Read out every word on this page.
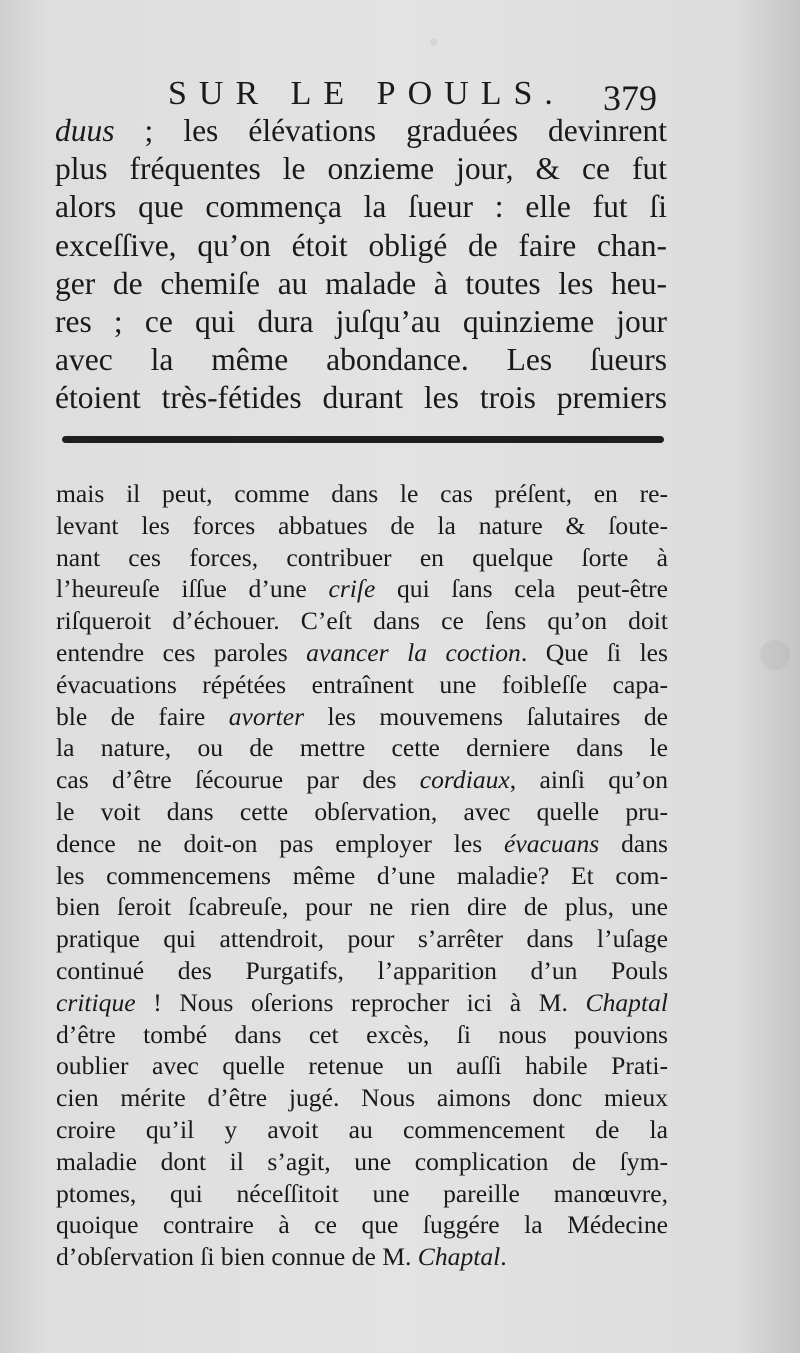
SUR LE POULS. 379

duus ; les élévations graduées devinrent

plus fréquentes le onzieme jour, & ce fut

alors que commença la ſueur : elle fut ſi

exceſſive, qu’on étoit obligé de faire chan-

ger de chemiſe au malade à toutes les heu-

res ; ce qui dura juſqu’au quinzieme jour

avec la même abondance. Les ſueurs

étoient très-fétides durant les trois premiers

mais il peut, comme dans le cas préſent, en re-

levant les forces abbatues de la nature & ſoute-

nant ces forces, contribuer en quelque ſorte à

l’heureuſe iſſue d’une criſe qui ſans cela peut-être

riſqueroit d’échouer. C’eſt dans ce ſens qu’on doit

entendre ces paroles avancer la coction. Que ſi les

évacuations répétées entraînent une foibleſſe capa-

ble de faire avorter les mouvemens ſalutaires de

la nature, ou de mettre cette derniere dans le

cas d’être ſécourue par des cordiaux, ainſi qu’on

le voit dans cette obſervation, avec quelle pru-

dence ne doit-on pas employer les évacuans dans

les commencemens même d’une maladie? Et com-

bien ſeroit ſcabreuſe, pour ne rien dire de plus, une

pratique qui attendroit, pour s’arrêter dans l’uſage

continué des Purgatifs, l’apparition d’un Pouls

critique ! Nous oſerions reprocher ici à M. Chaptal

d’être tombé dans cet excès, ſi nous pouvions

oublier avec quelle retenue un auſſi habile Prati-

cien mérite d’être jugé. Nous aimons donc mieux

croire qu’il y avoit au commencement de la

maladie dont il s’agit, une complication de ſym-

ptomes, qui néceſſitoit une pareille manœuvre,

quoique contraire à ce que ſuggére la Médecine

d’obſervation ſi bien connue de M. Chaptal.
